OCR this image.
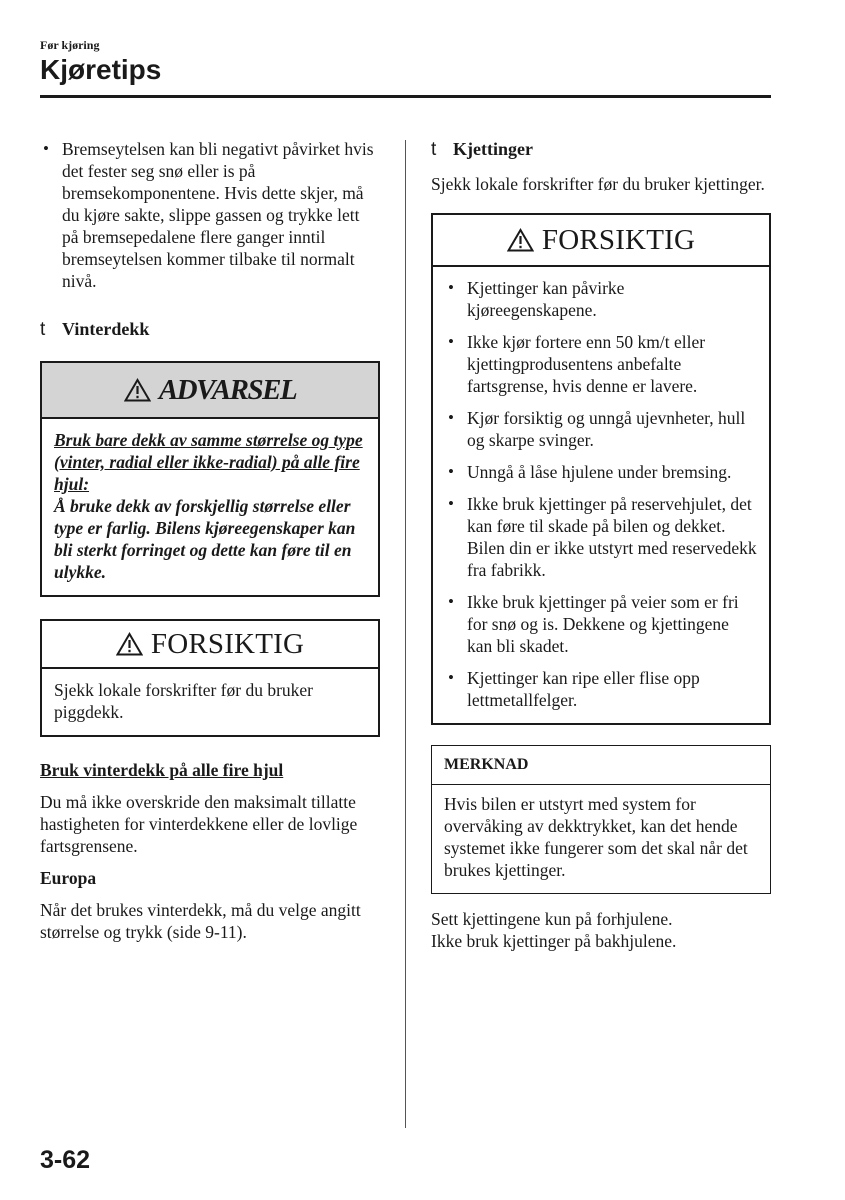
Før kjøring
Kjøretips
• Bremseytelsen kan bli negativt påvirket hvis det fester seg snø eller is på bremsekomponentene. Hvis dette skjer, må du kjøre sakte, slippe gassen og trykke lett på bremsepedalene flere ganger inntil bremseytelsen kommer tilbake til normalt nivå.
t Vinterdekk
ADVARSEL

Bruk bare dekk av samme størrelse og type (vinter, radial eller ikke-radial) på alle fire hjul:

Å bruke dekk av forskjellig størrelse eller type er farlig. Bilens kjøreegenskaper kan bli sterkt forringet og dette kan føre til en ulykke.

FORSIKTIG

Sjekk lokale forskrifter før du bruker piggdekk.

Bruk vinterdekk på alle fire hjul

Du må ikke overskride den maksimalt tillatte hastigheten for vinterdekkene eller de lovlige fartsgrensene.

Europa

Når det brukes vinterdekk, må du velge angitt størrelse og trykk (side 9-11).

t Kjettinger

Sjekk lokale forskrifter før du bruker kjettinger.

FORSIKTIG
• Kjettinger kan påvirke kjøreegenskapene.
• Ikke kjør fortere enn 50 km/t eller kjettingprodusentens anbefalte fartsgrense, hvis denne er lavere.
• Kjør forsiktig og unngå ujevnheter, hull og skarpe svinger.
• Unngå å låse hjulene under bremsing.
• Ikke bruk kjettinger på reservehjulet, det kan føre til skade på bilen og dekket. Bilen din er ikke utstyrt med reservedekk fra fabrikk.
• Ikke bruk kjettinger på veier som er fri for snø og is. Dekkene og kjettingene kan bli skadet.
• Kjettinger kan ripe eller flise opp lettmetallfelger.
MERKNAD

Hvis bilen er utstyrt med system for overvåking av dekktrykket, kan det hende systemet ikke fungerer som det skal når det brukes kjettinger.

Sett kjettingene kun på forhjulene.

Ikke bruk kjettinger på bakhjulene.

3-62
